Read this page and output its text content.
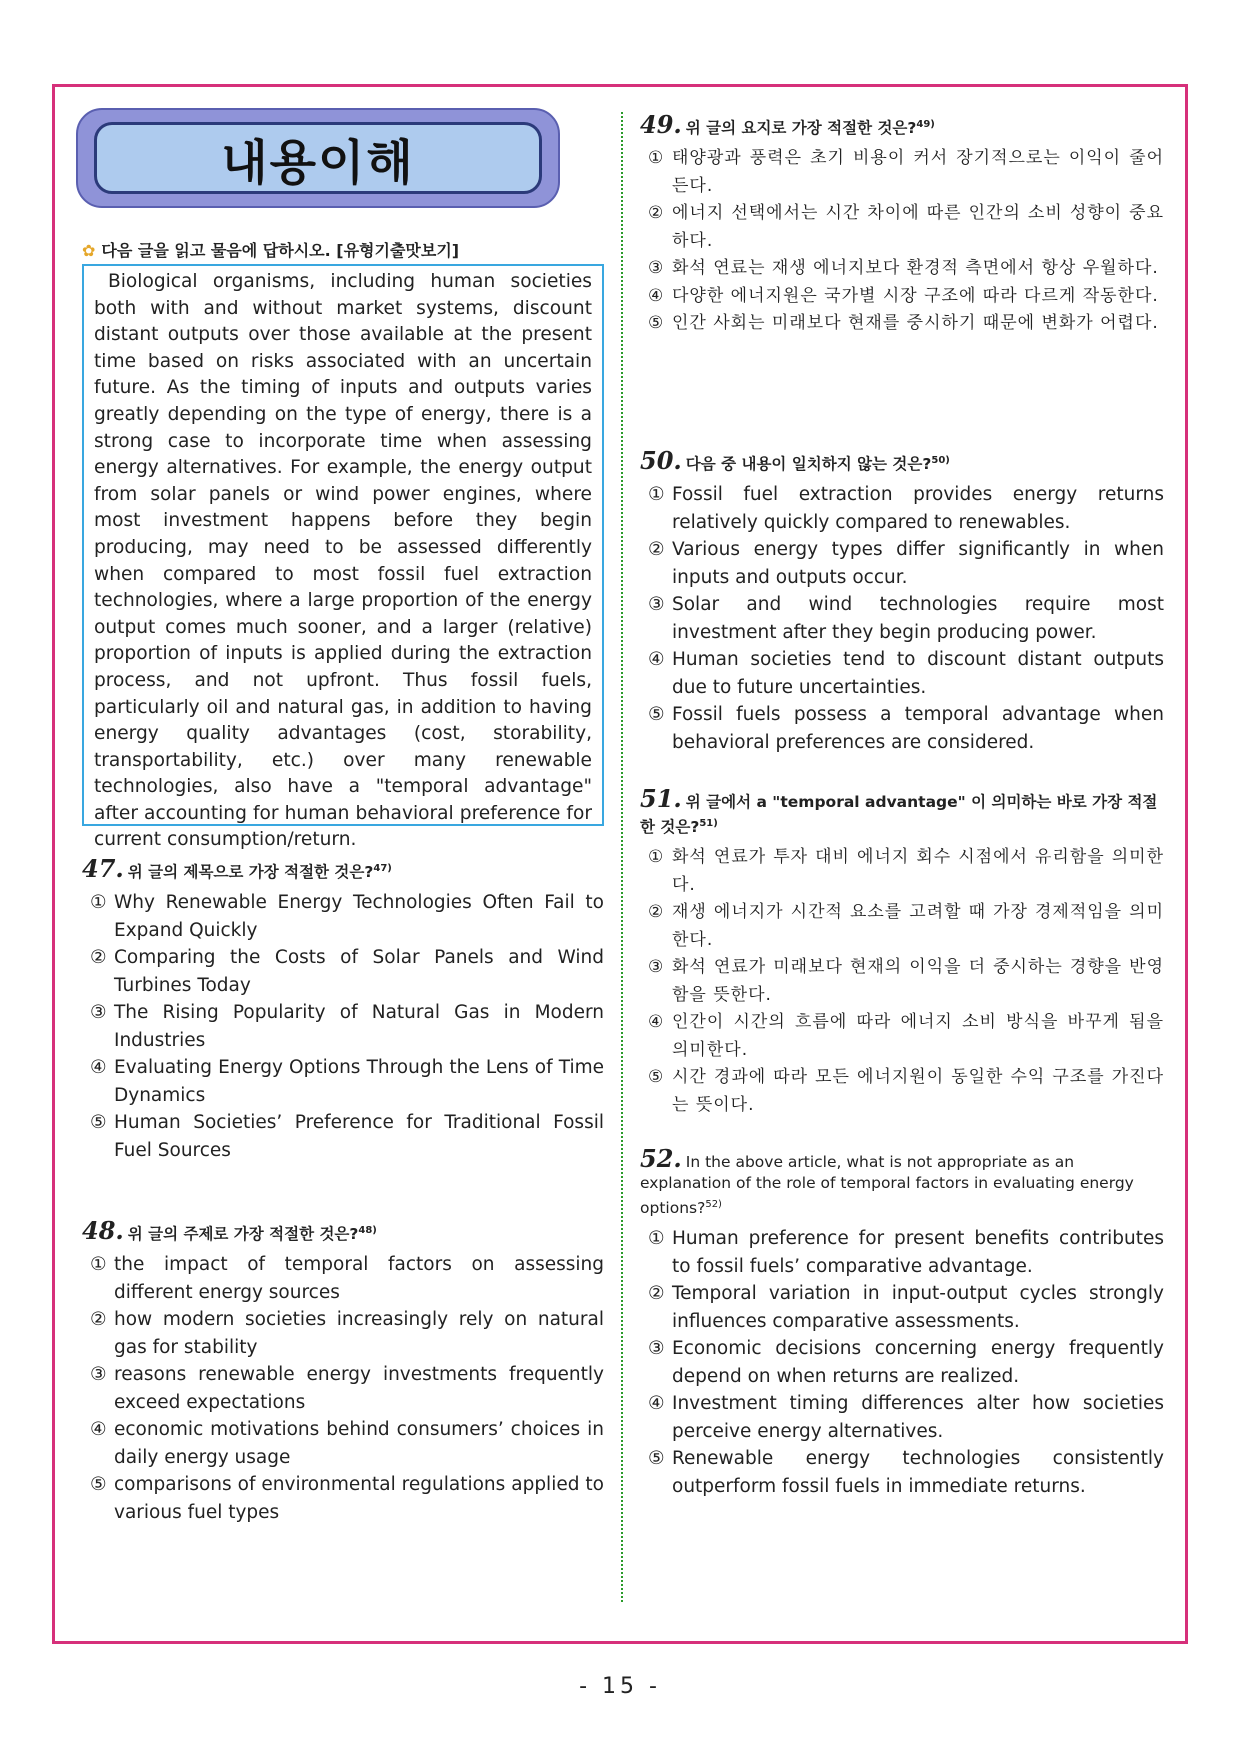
내용이해
✿ 다음 글을 읽고 물음에 답하시오. [유형기출맛보기]

Biological organisms, including human societies both with and without market systems, discount distant outputs over those available at the present time based on risks associated with an uncertain future. As the timing of inputs and outputs varies greatly depending on the type of energy, there is a strong case to incorporate time when assessing energy alternatives. For example, the energy output from solar panels or wind power engines, where most investment happens before they begin producing, may need to be assessed differently when compared to most fossil fuel extraction technologies, where a large proportion of the energy output comes much sooner, and a larger (relative) proportion of inputs is applied during the extraction process, and not upfront. Thus fossil fuels, particularly oil and natural gas, in addition to having energy quality advantages (cost, storability, transportability, etc.) over many renewable technologies, also have a "temporal advantage" after accounting for human behavioral preference for current consumption/return.

47. 위 글의 제목으로 가장 적절한 것은?$^{47)}$
① Why Renewable Energy Technologies Often Fail to Expand Quickly
② Comparing the Costs of Solar Panels and Wind Turbines Today
③ The Rising Popularity of Natural Gas in Modern Industries
④ Evaluating Energy Options Through the Lens of Time Dynamics
⑤ Human Societies’ Preference for Traditional Fossil Fuel Sources
48. 위 글의 주제로 가장 적절한 것은?$^{48)}$
① the impact of temporal factors on assessing different energy sources
② how modern societies increasingly rely on natural gas for stability
③ reasons renewable energy investments frequently exceed expectations
④ economic motivations behind consumers’ choices in daily energy usage
⑤ comparisons of environmental regulations applied to various fuel types
49. 위 글의 요지로 가장 적절한 것은?$^{49)}$
① 태양광과 풍력은 초기 비용이 커서 장기적으로는 이익이 줄어든다.
② 에너지 선택에서는 시간 차이에 따른 인간의 소비 성향이 중요하다.
③ 화석 연료는 재생 에너지보다 환경적 측면에서 항상 우월하다.
④ 다양한 에너지원은 국가별 시장 구조에 따라 다르게 작동한다.
⑤ 인간 사회는 미래보다 현재를 중시하기 때문에 변화가 어렵다.
50. 다음 중 내용이 일치하지 않는 것은?$^{50)}$
① Fossil fuel extraction provides energy returns relatively quickly compared to renewables.
② Various energy types differ significantly in when inputs and outputs occur.
③ Solar and wind technologies require most investment after they begin producing power.
④ Human societies tend to discount distant outputs due to future uncertainties.
⑤ Fossil fuels possess a temporal advantage when behavioral preferences are considered.
51. 위 글에서 a "temporal advantage" 이 의미하는 바로 가장 적절한 것은?$^{51)}$
① 화석 연료가 투자 대비 에너지 회수 시점에서 유리함을 의미한다.
② 재생 에너지가 시간적 요소를 고려할 때 가장 경제적임을 의미한다.
③ 화석 연료가 미래보다 현재의 이익을 더 중시하는 경향을 반영함을 뜻한다.
④ 인간이 시간의 흐름에 따라 에너지 소비 방식을 바꾸게 됨을 의미한다.
⑤ 시간 경과에 따라 모든 에너지원이 동일한 수익 구조를 가진다는 뜻이다.
52. In the above article, what is not appropriate as an explanation of the role of temporal factors in evaluating energy options?$^{52)}$
① Human preference for present benefits contributes to fossil fuels’ comparative advantage.
② Temporal variation in input-output cycles strongly influences comparative assessments.
③ Economic decisions concerning energy frequently depend on when returns are realized.
④ Investment timing differences alter how societies perceive energy alternatives.
⑤ Renewable energy technologies consistently outperform fossil fuels in immediate returns.
- 15 -
